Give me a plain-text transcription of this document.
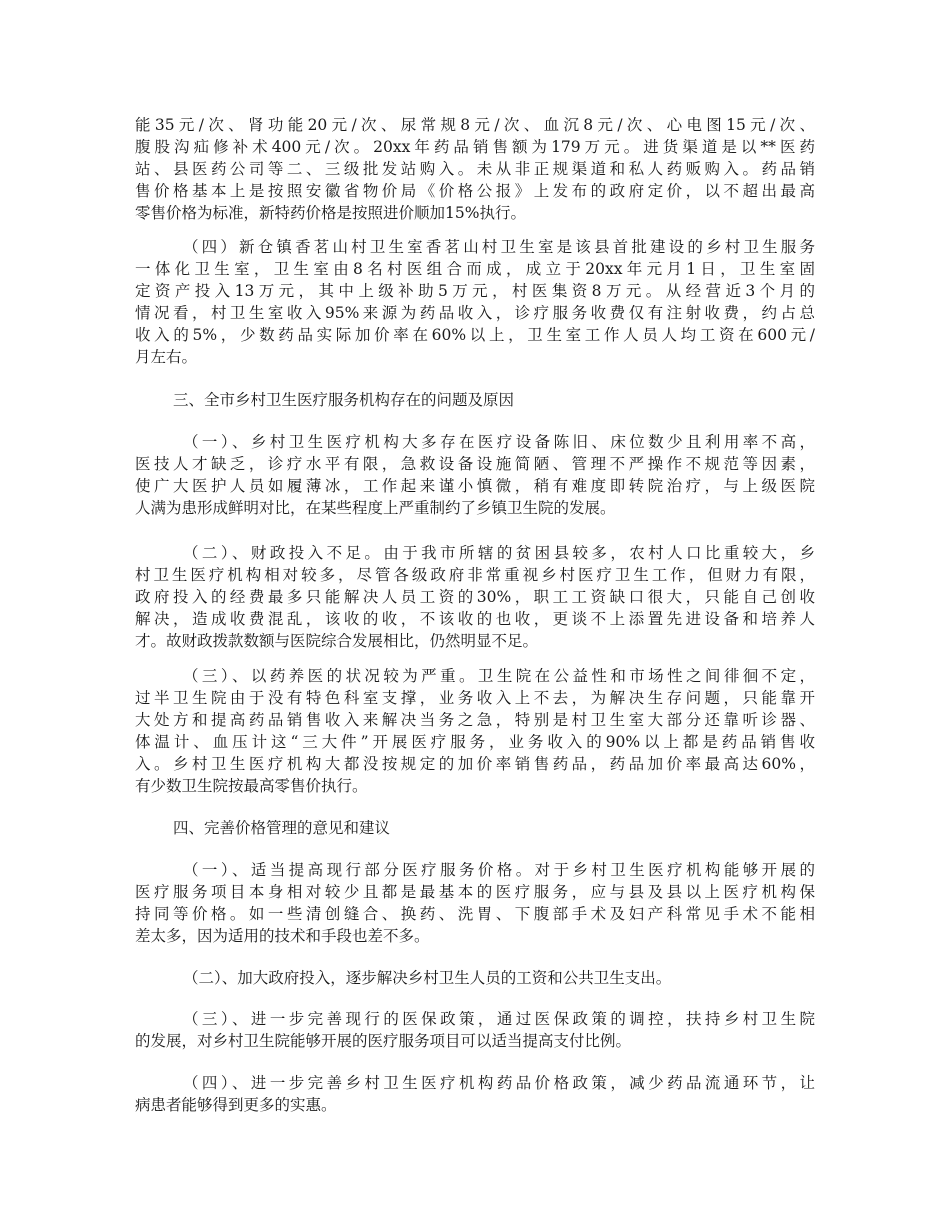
能35元/次、肾功能20元/次、尿常规8元/次、血沉8元/次、心电图15元/次、
腹股沟疝修补术400元/次。20xx年药品销售额为179万元。进货渠道是以**医药
站、县医药公司等二、三级批发站购入。未从非正规渠道和私人药贩购入。药品销
售价格基本上是按照安徽省物价局《价格公报》上发布的政府定价，以不超出最高
零售价格为标准，新特药价格是按照进价顺加15%执行。
（四）新仓镇香茗山村卫生室香茗山村卫生室是该县首批建设的乡村卫生服务
一体化卫生室，卫生室由8名村医组合而成，成立于20xx年元月1日，卫生室固
定资产投入13万元，其中上级补助5万元，村医集资8万元。从经营近3个月的
情况看，村卫生室收入95%来源为药品收入，诊疗服务收费仅有注射收费，约占总
收入的5%，少数药品实际加价率在60%以上，卫生室工作人员人均工资在600元/
月左右。
三、全市乡村卫生医疗服务机构存在的问题及原因
（一）、乡村卫生医疗机构大多存在医疗设备陈旧、床位数少且利用率不高，
医技人才缺乏，诊疗水平有限，急救设备设施简陋、管理不严操作不规范等因素，
使广大医护人员如履薄冰，工作起来谨小慎微，稍有难度即转院治疗，与上级医院
人满为患形成鲜明对比，在某些程度上严重制约了乡镇卫生院的发展。
（二）、财政投入不足。由于我市所辖的贫困县较多，农村人口比重较大，乡
村卫生医疗机构相对较多，尽管各级政府非常重视乡村医疗卫生工作，但财力有限，
政府投入的经费最多只能解决人员工资的30%，职工工资缺口很大，只能自己创收
解决，造成收费混乱，该收的收，不该收的也收，更谈不上添置先进设备和培养人
才。故财政拨款数额与医院综合发展相比，仍然明显不足。
（三）、以药养医的状况较为严重。卫生院在公益性和市场性之间徘徊不定，
过半卫生院由于没有特色科室支撑，业务收入上不去，为解决生存问题，只能靠开
大处方和提高药品销售收入来解决当务之急，特别是村卫生室大部分还靠听诊器、
体温计、血压计这“三大件”开展医疗服务，业务收入的90%以上都是药品销售收
入。乡村卫生医疗机构大都没按规定的加价率销售药品，药品加价率最高达60%，
有少数卫生院按最高零售价执行。
四、完善价格管理的意见和建议
（一）、适当提高现行部分医疗服务价格。对于乡村卫生医疗机构能够开展的
医疗服务项目本身相对较少且都是最基本的医疗服务，应与县及县以上医疗机构保
持同等价格。如一些清创缝合、换药、洗胃、下腹部手术及妇产科常见手术不能相
差太多，因为适用的技术和手段也差不多。
（二）、加大政府投入，逐步解决乡村卫生人员的工资和公共卫生支出。
（三）、进一步完善现行的医保政策，通过医保政策的调控，扶持乡村卫生院
的发展，对乡村卫生院能够开展的医疗服务项目可以适当提高支付比例。
（四）、进一步完善乡村卫生医疗机构药品价格政策，减少药品流通环节，让
病患者能够得到更多的实惠。
